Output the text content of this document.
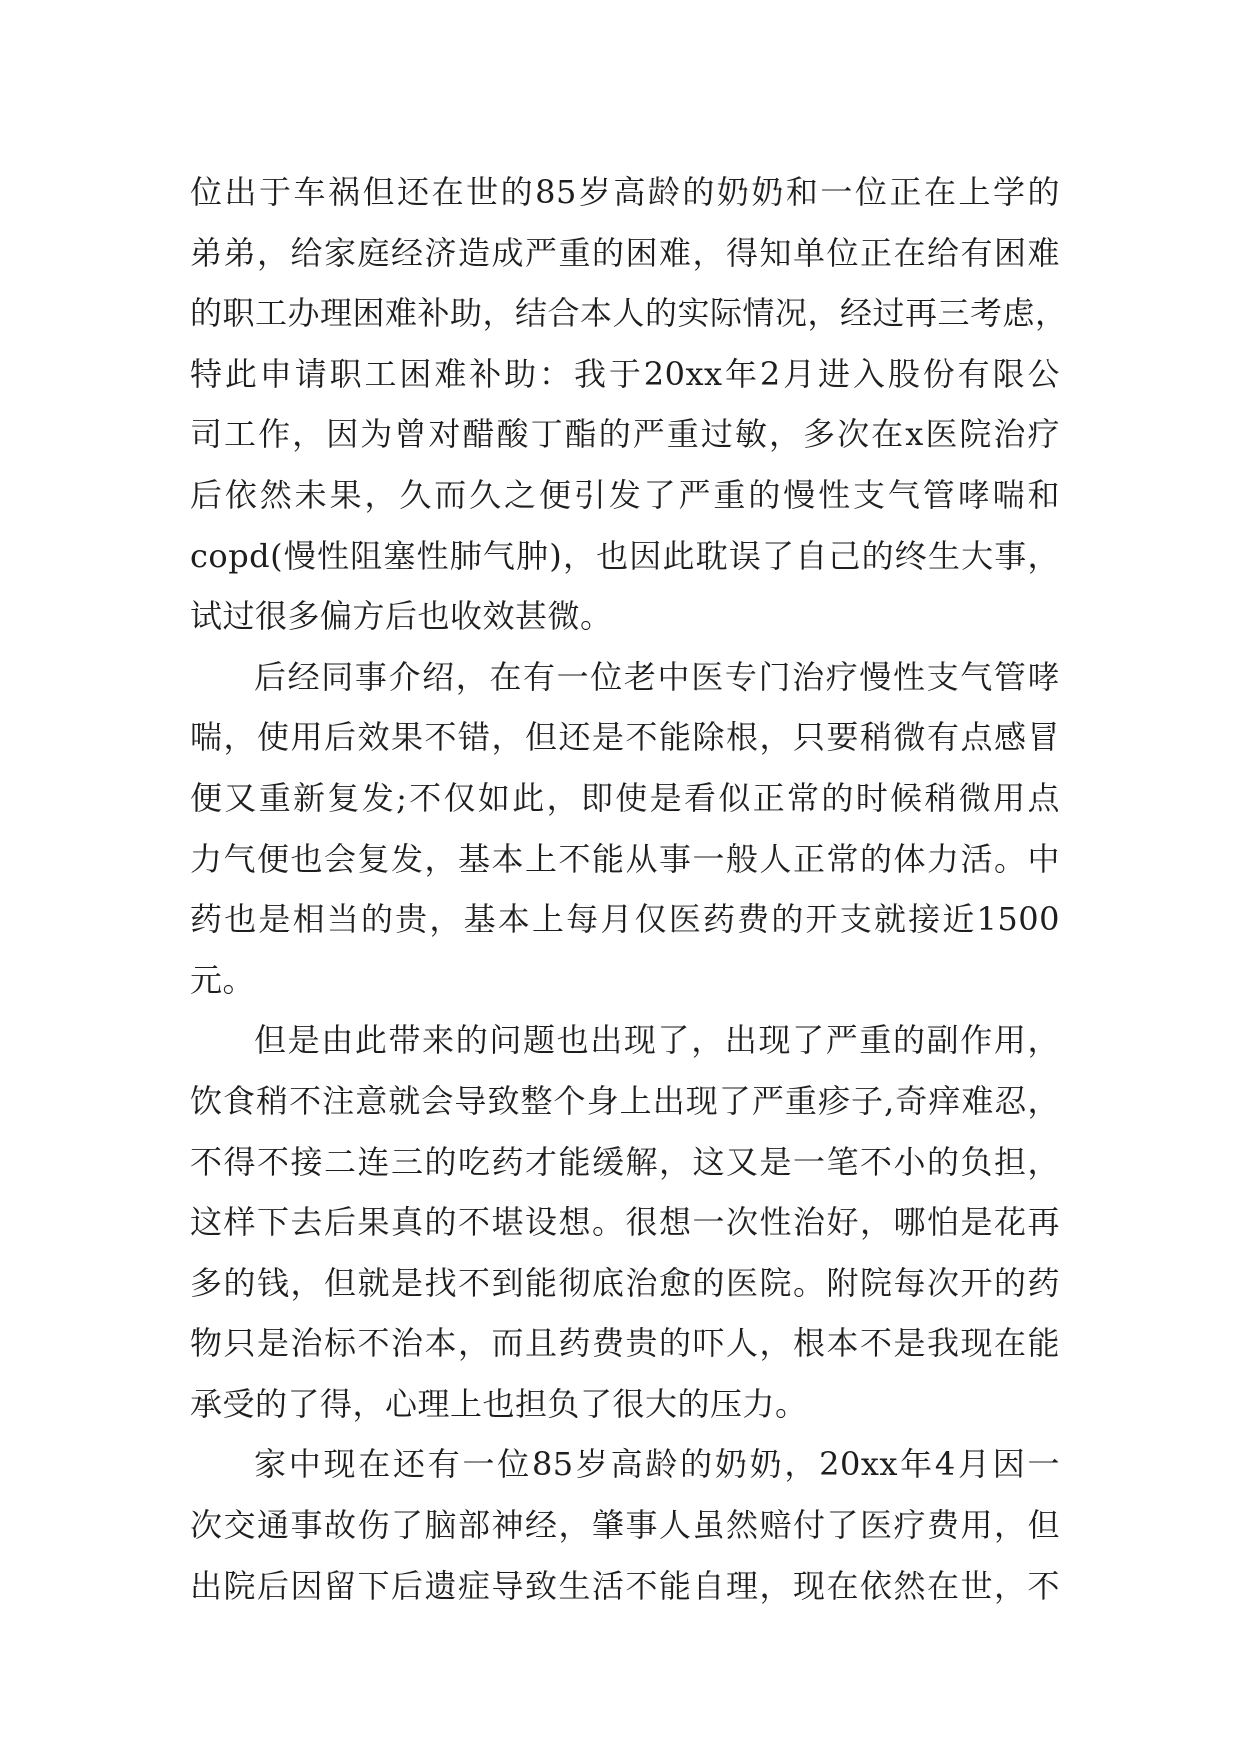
位出于车祸但还在世的85岁高龄的奶奶和一位正在上学的
弟弟，给家庭经济造成严重的困难，得知单位正在给有困难
的职工办理困难补助，结合本人的实际情况，经过再三考虑，
特此申请职工困难补助：我于20xx年2月进入股份有限公
司工作，因为曾对醋酸丁酯的严重过敏，多次在x医院治疗
后依然未果，久而久之便引发了严重的慢性支气管哮喘和
copd(慢性阻塞性肺气肿)，也因此耽误了自己的终生大事，
试过很多偏方后也收效甚微。
后经同事介绍，在有一位老中医专门治疗慢性支气管哮
喘，使用后效果不错，但还是不能除根，只要稍微有点感冒
便又重新复发;不仅如此，即使是看似正常的时候稍微用点
力气便也会复发，基本上不能从事一般人正常的体力活。中
药也是相当的贵，基本上每月仅医药费的开支就接近1500
元。
但是由此带来的问题也出现了，出现了严重的副作用，
饮食稍不注意就会导致整个身上出现了严重疹子,奇痒难忍，
不得不接二连三的吃药才能缓解，这又是一笔不小的负担，
这样下去后果真的不堪设想。很想一次性治好，哪怕是花再
多的钱，但就是找不到能彻底治愈的医院。附院每次开的药
物只是治标不治本，而且药费贵的吓人，根本不是我现在能
承受的了得，心理上也担负了很大的压力。
家中现在还有一位85岁高龄的奶奶，20xx年4月因一
次交通事故伤了脑部神经，肇事人虽然赔付了医疗费用，但
出院后因留下后遗症导致生活不能自理，现在依然在世，不
